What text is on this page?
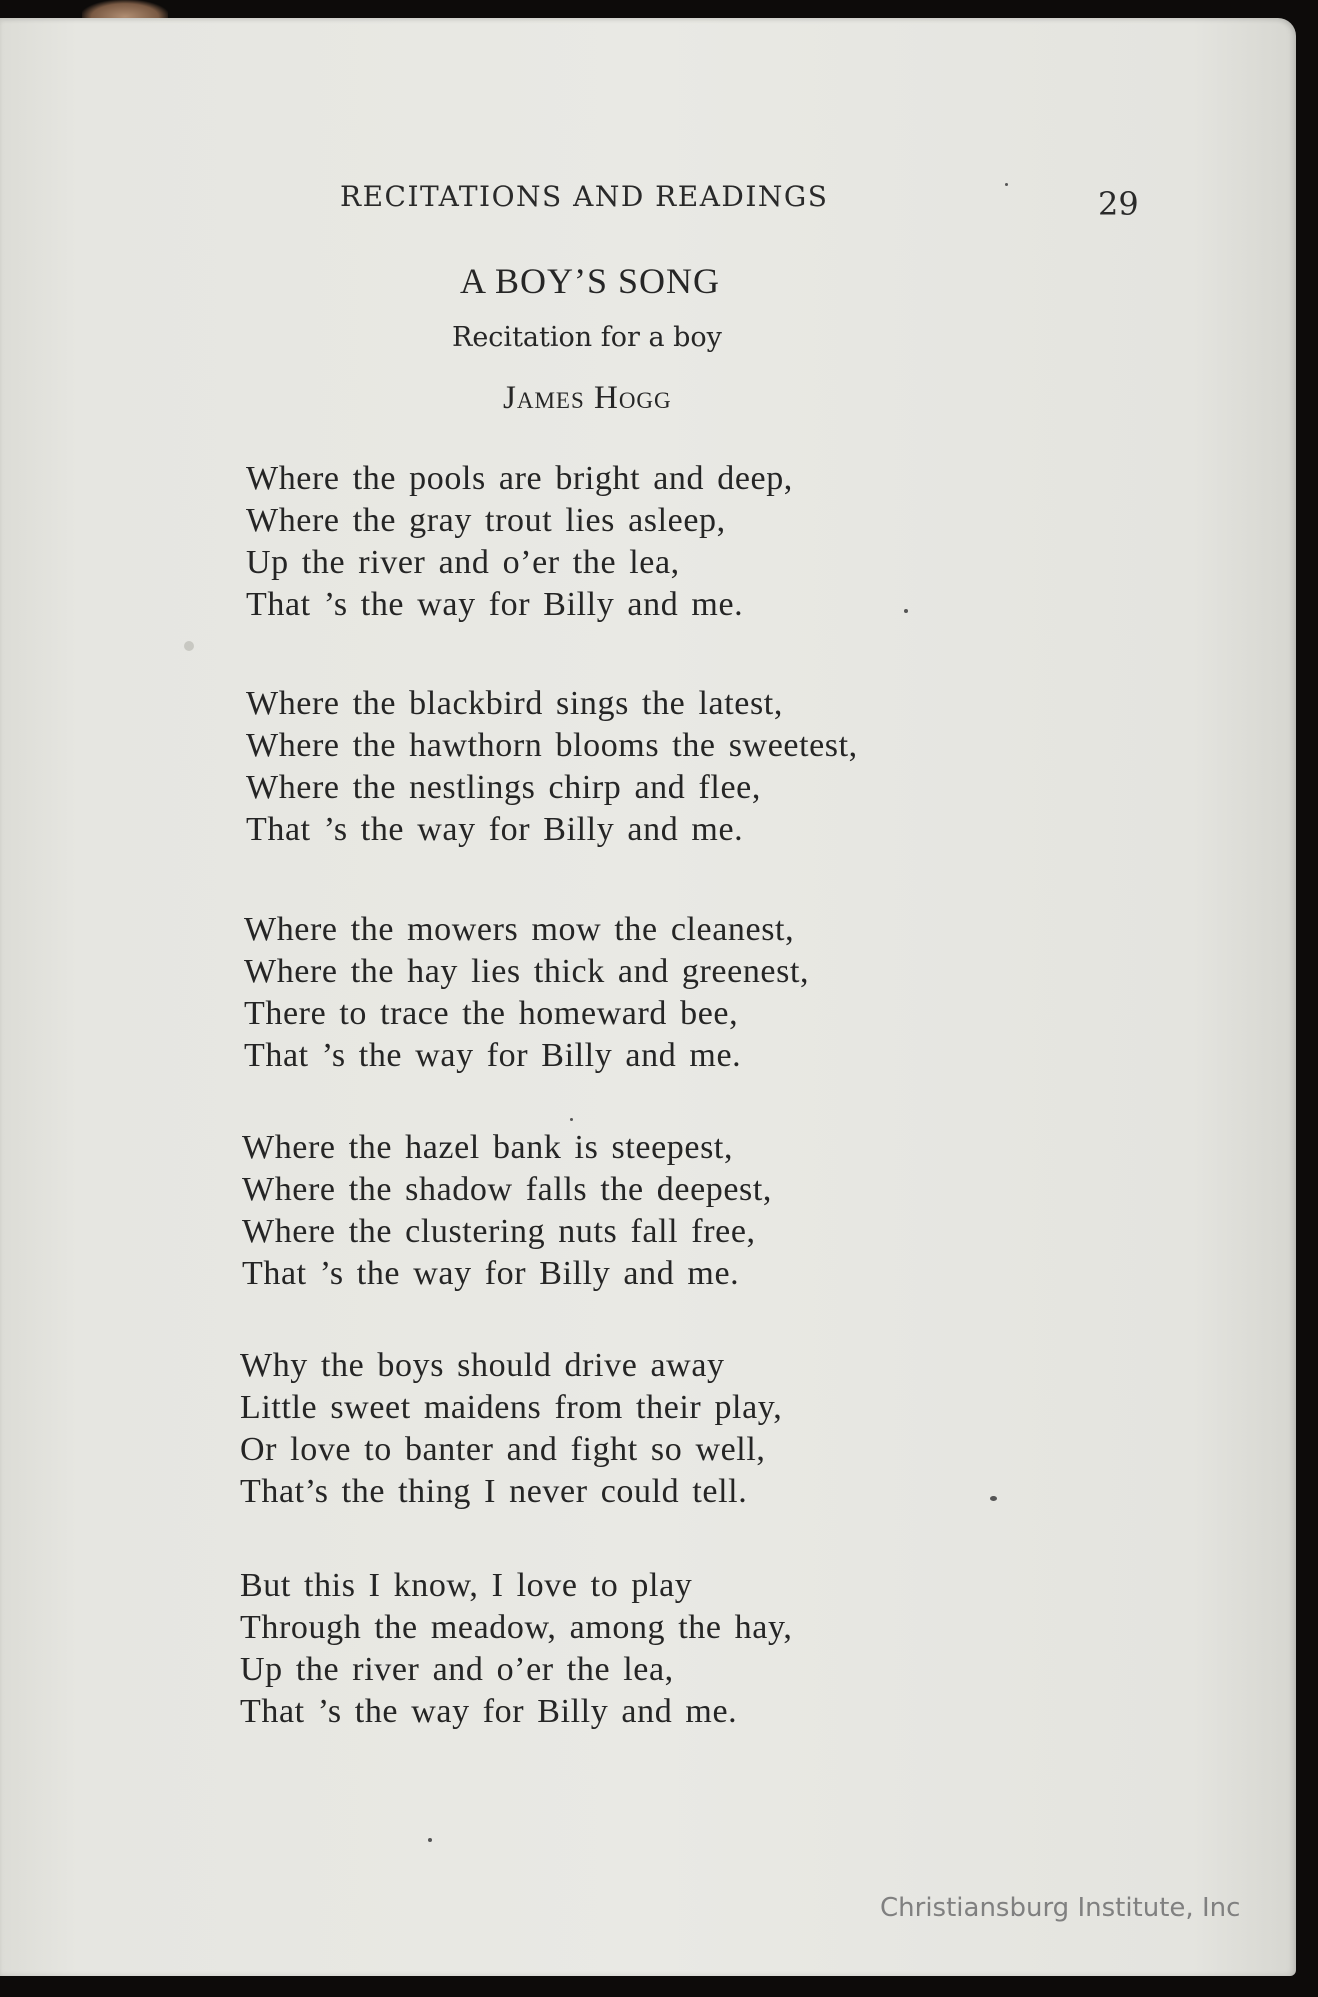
RECITATIONS AND READINGS	29
A BOY’S SONG
Recitation for a boy
James Hogg
Where the pools are bright and deep,
Where the gray trout lies asleep,
Up the river and o’er the lea,
That ’s the way for Billy and me.
Where the blackbird sings the latest,
Where the hawthorn blooms the sweetest,
Where the nestlings chirp and flee,
That ’s the way for Billy and me.
Where the mowers mow the cleanest,
Where the hay lies thick and greenest,
There to trace the homeward bee,
That ’s the way for Billy and me.
Where the hazel bank is steepest,
Where the shadow falls the deepest,
Where the clustering nuts fall free,
That ’s the way for Billy and me.
Why the boys should drive away
Little sweet maidens from their play,
Or love to banter and fight so well,
That’s the thing I never could tell.
But this I know, I love to play
Through the meadow, among the hay,
Up the river and o’er the lea,
That ’s the way for Billy and me.
Christiansburg Institute, Inc
